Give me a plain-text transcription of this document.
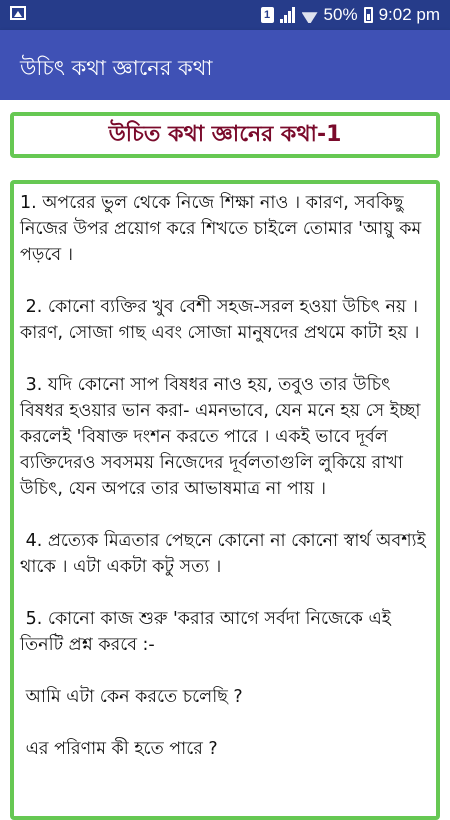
1	50% 9:02 pm
উচিৎ কথা জ্ঞানের কথা
উচিত কথা জ্ঞানের কথা-1

1. অপরের ভুল থেকে নিজে শিক্ষা নাও । কারণ, সবকিছু নিজের উপর প্রয়োগ করে শিখতে চাইলে তোমার 'আয়ু কম পড়বে ।

2. কোনো ব্যক্তির খুব বেশী সহজ-সরল হওয়া উচিৎ নয় । কারণ, সোজা গাছ এবং সোজা মানুষদের প্রথমে কাটা হয় ।

3. যদি কোনো সাপ বিষধর নাও হয়, তবুও তার উচিৎ বিষধর হওয়ার ভান করা- এমনভাবে, যেন মনে হয় সে ইচ্ছা করলেই 'বিষাক্ত দংশন করতে পারে । একই ভাবে দূর্বল ব্যক্তিদেরও সবসময় নিজেদের দূর্বলতাগুলি লুকিয়ে রাখা উচিৎ, যেন অপরে তার আভাষমাত্র না পায় ।

4. প্রত্যেক মিত্রতার পেছনে কোনো না কোনো স্বার্থ অবশ্যই থাকে । এটা একটা কটু সত্য ।

5. কোনো কাজ শুরু 'করার আগে সর্বদা নিজেকে এই তিনটি প্রশ্ন করবে :-

আমি এটা কেন করতে চলেছি ?

এর পরিণাম কী হতে পারে ?
